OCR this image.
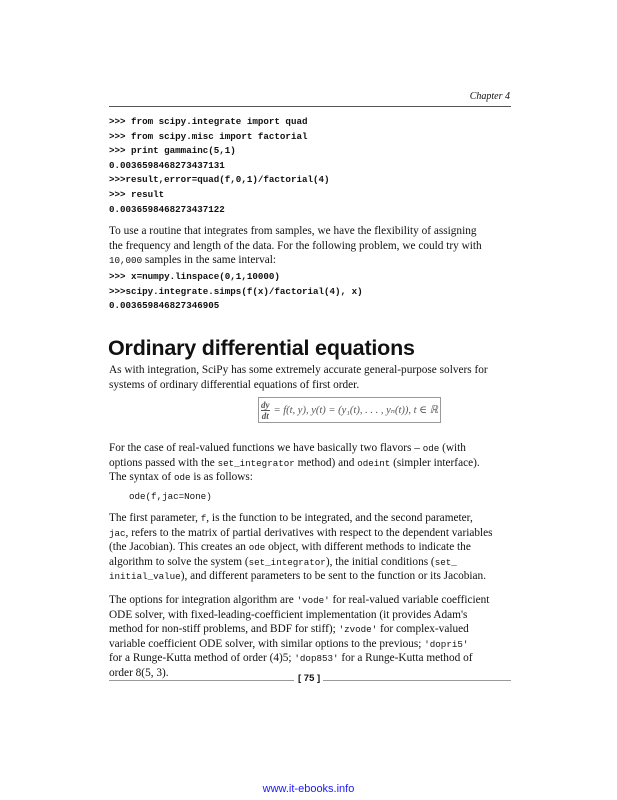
Chapter 4
>>> from scipy.integrate import quad
>>> from scipy.misc import factorial
>>> print gammainc(5,1)
0.0036598468273437131
>>>result,error=quad(f,0,1)/factorial(4)
>>> result
0.0036598468273437122
To use a routine that integrates from samples, we have the flexibility of assigning
the frequency and length of the data. For the following problem, we could try with
10,000 samples in the same interval:
>>> x=numpy.linspace(0,1,10000)
>>>scipy.integrate.simps(f(x)/factorial(4), x)
0.003659846827346905
Ordinary differential equations
As with integration, SciPy has some extremely accurate general-purpose solvers for
systems of ordinary differential equations of first order.
$\frac{dy}{dt} = f(t$, y), y(t) = (y₁(t), . . . , yₙ(t)), t ∈ ℝ
For the case of real-valued functions we have basically two flavors – ode (with
options passed with the set_integrator method) and odeint (simpler interface).
The syntax of ode is as follows:
ode(f,jac=None)
The first parameter, f, is the function to be integrated, and the second parameter,
jac, refers to the matrix of partial derivatives with respect to the dependent variables
(the Jacobian). This creates an ode object, with different methods to indicate the
algorithm to solve the system (set_integrator), the initial conditions (set_
initial_value), and different parameters to be sent to the function or its Jacobian.
The options for integration algorithm are 'vode' for real-valued variable coefficient
ODE solver, with fixed-leading-coefficient implementation (it provides Adam's
method for non-stiff problems, and BDF for stiff); 'zvode' for complex-valued
variable coefficient ODE solver, with similar options to the previous; 'dopri5'
for a Runge-Kutta method of order (4)5; 'dop853' for a Runge-Kutta method of
order 8(5, 3).	[ 75 ]
www.it-ebooks.info
